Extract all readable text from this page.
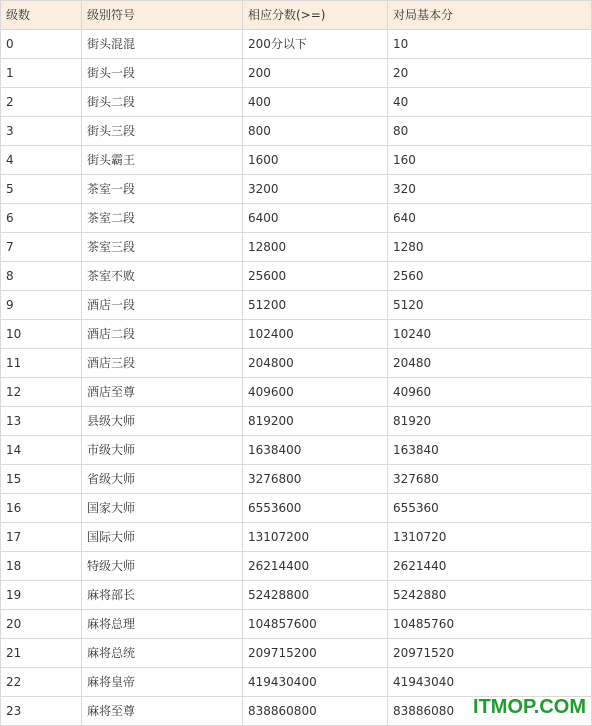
级数	级别符号	相应分数(>=)	对局基本分
0	街头混混	200分以下	10
1	街头一段	200	20
2	街头二段	400	40
3	街头三段	800	80
4	街头霸王	1600	160
5	茶室一段	3200	320
6	茶室二段	6400	640
7	茶室三段	12800	1280
8	茶室不败	25600	2560
9	酒店一段	51200	5120
10	酒店二段	102400	10240
11	酒店三段	204800	20480
12	酒店至尊	409600	40960
13	县级大师	819200	81920
14	市级大师	1638400	163840
15	省级大师	3276800	327680
16	国家大师	6553600	655360
17	国际大师	13107200	1310720
18	特级大师	26214400	2621440
19	麻将部长	52428800	5242880
20	麻将总理	104857600	10485760
21	麻将总统	209715200	20971520
22	麻将皇帝	419430400	41943040
23	麻将至尊	838860800	83886080 ITMOP.COM
